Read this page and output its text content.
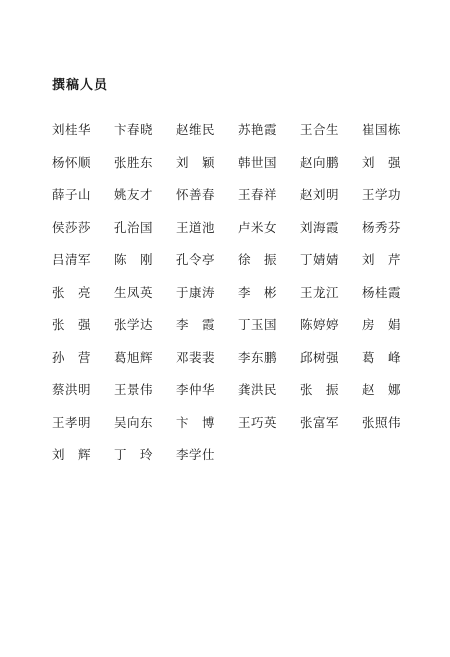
撰稿人员
刘桂华	卞春晓	赵维民	苏艳霞	王合生	崔国栋
杨怀顺	张胜东	刘　颖	韩世国	赵向鹏	刘　强
薛子山	姚友才	怀善春	王春祥	赵刘明	王学功
侯莎莎	孔治国	王道池	卢米女	刘海霞	杨秀芬
吕清军	陈　刚	孔令亭	徐　振	丁婧婧	刘　芹
张　亮	生凤英	于康涛	李　彬	王龙江	杨桂霞
张　强	张学达	李　霞	丁玉国	陈婷婷	房　娟
孙　营	葛旭辉	邓裴裴	李东鹏	邱树强	葛　峰
蔡洪明	王景伟	李仲华	龚洪民	张　振	赵　娜
王孝明	吴向东	卞　博	王巧英	张富军	张照伟
刘　辉	丁　玲	李学仕
